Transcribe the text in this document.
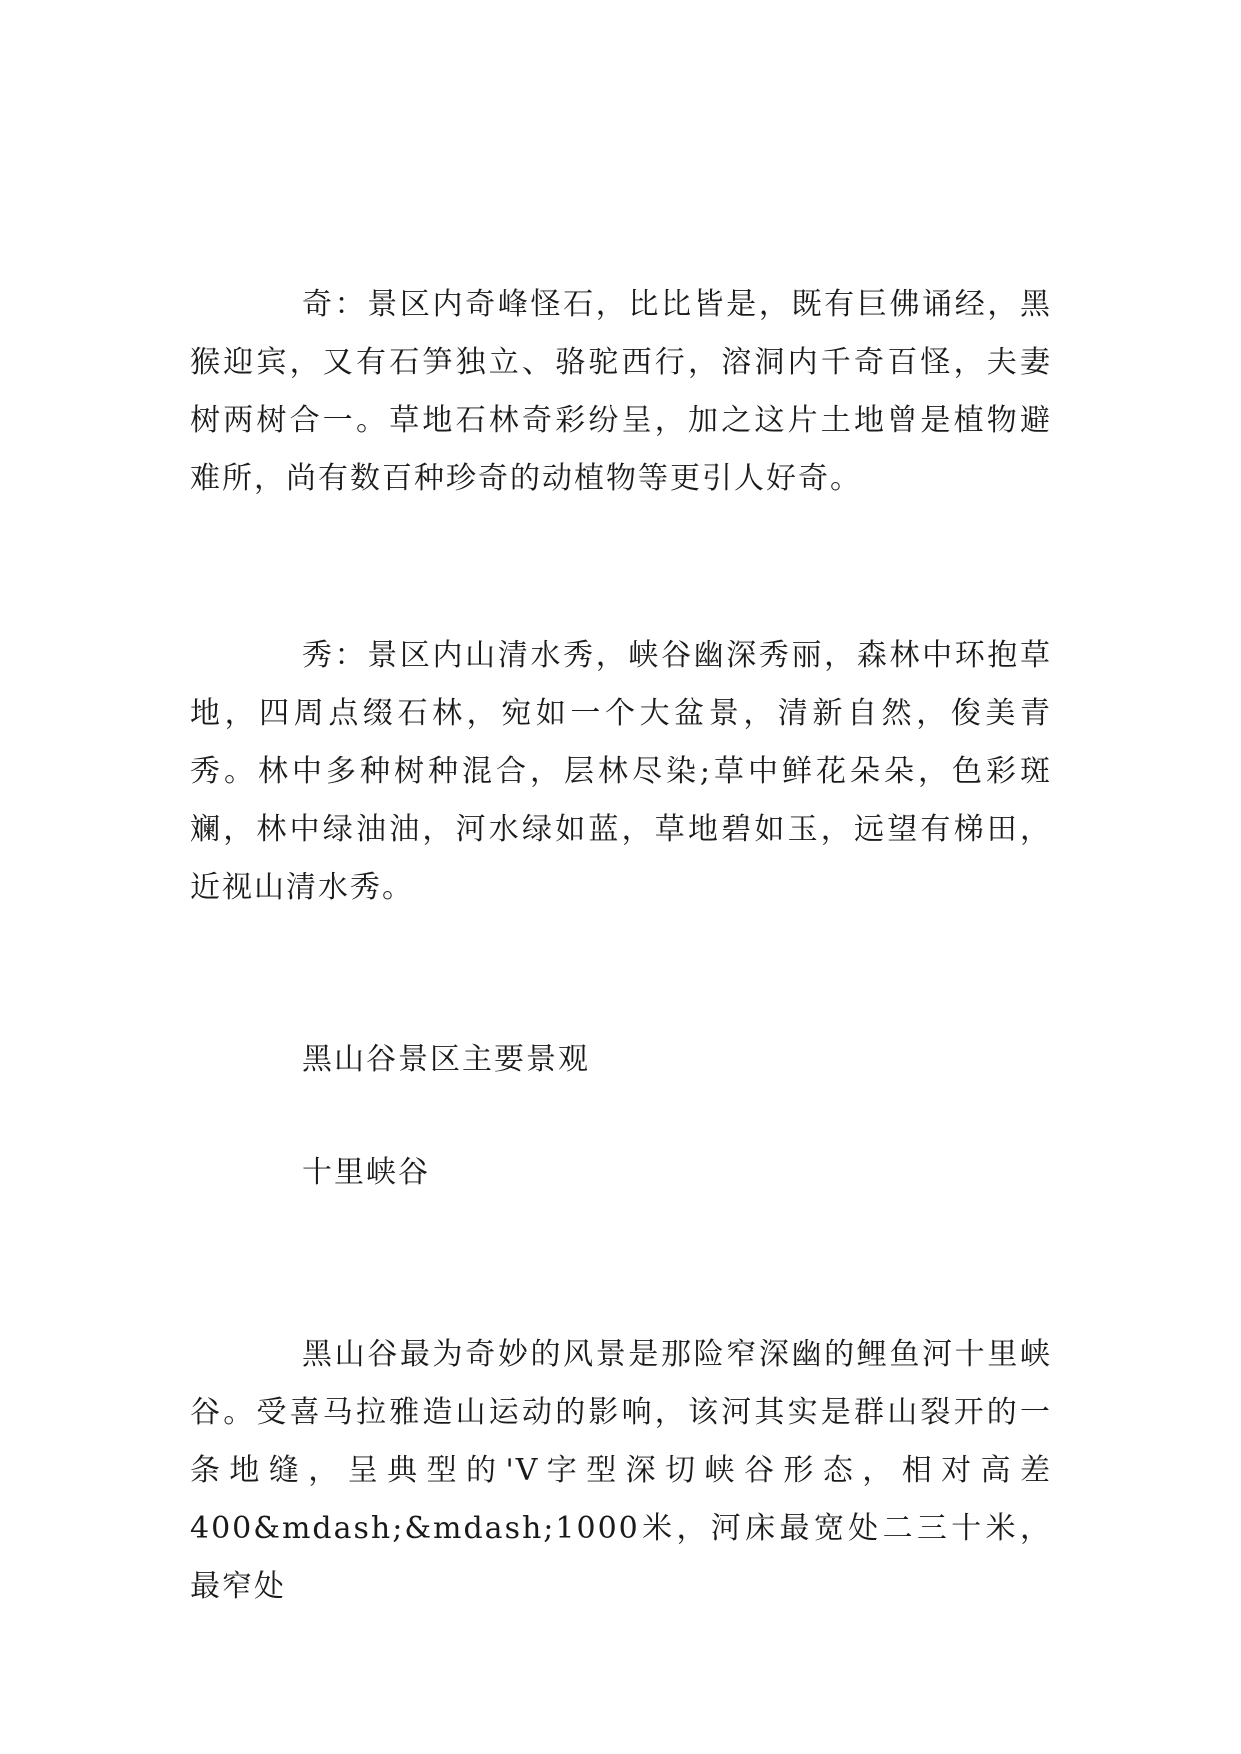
奇：景区内奇峰怪石，比比皆是，既有巨佛诵经，黑猴迎宾，又有石笋独立、骆驼西行，溶洞内千奇百怪，夫妻树两树合一。草地石林奇彩纷呈，加之这片土地曾是植物避难所，尚有数百种珍奇的动植物等更引人好奇。

秀：景区内山清水秀，峡谷幽深秀丽，森林中环抱草地，四周点缀石林，宛如一个大盆景，清新自然，俊美青秀。林中多种树种混合，层林尽染;草中鲜花朵朵，色彩斑斓，林中绿油油，河水绿如蓝，草地碧如玉，远望有梯田，近视山清水秀。

黑山谷景区主要景观
十里峡谷

黑山谷最为奇妙的风景是那险窄深幽的鲤鱼河十里峡谷。受喜马拉雅造山运动的影响，该河其实是群山裂开的一条地缝，呈典型的'V字型深切峡谷形态，相对高差400&mdash;&mdash;1000米，河床最宽处二三十米，最窄处
